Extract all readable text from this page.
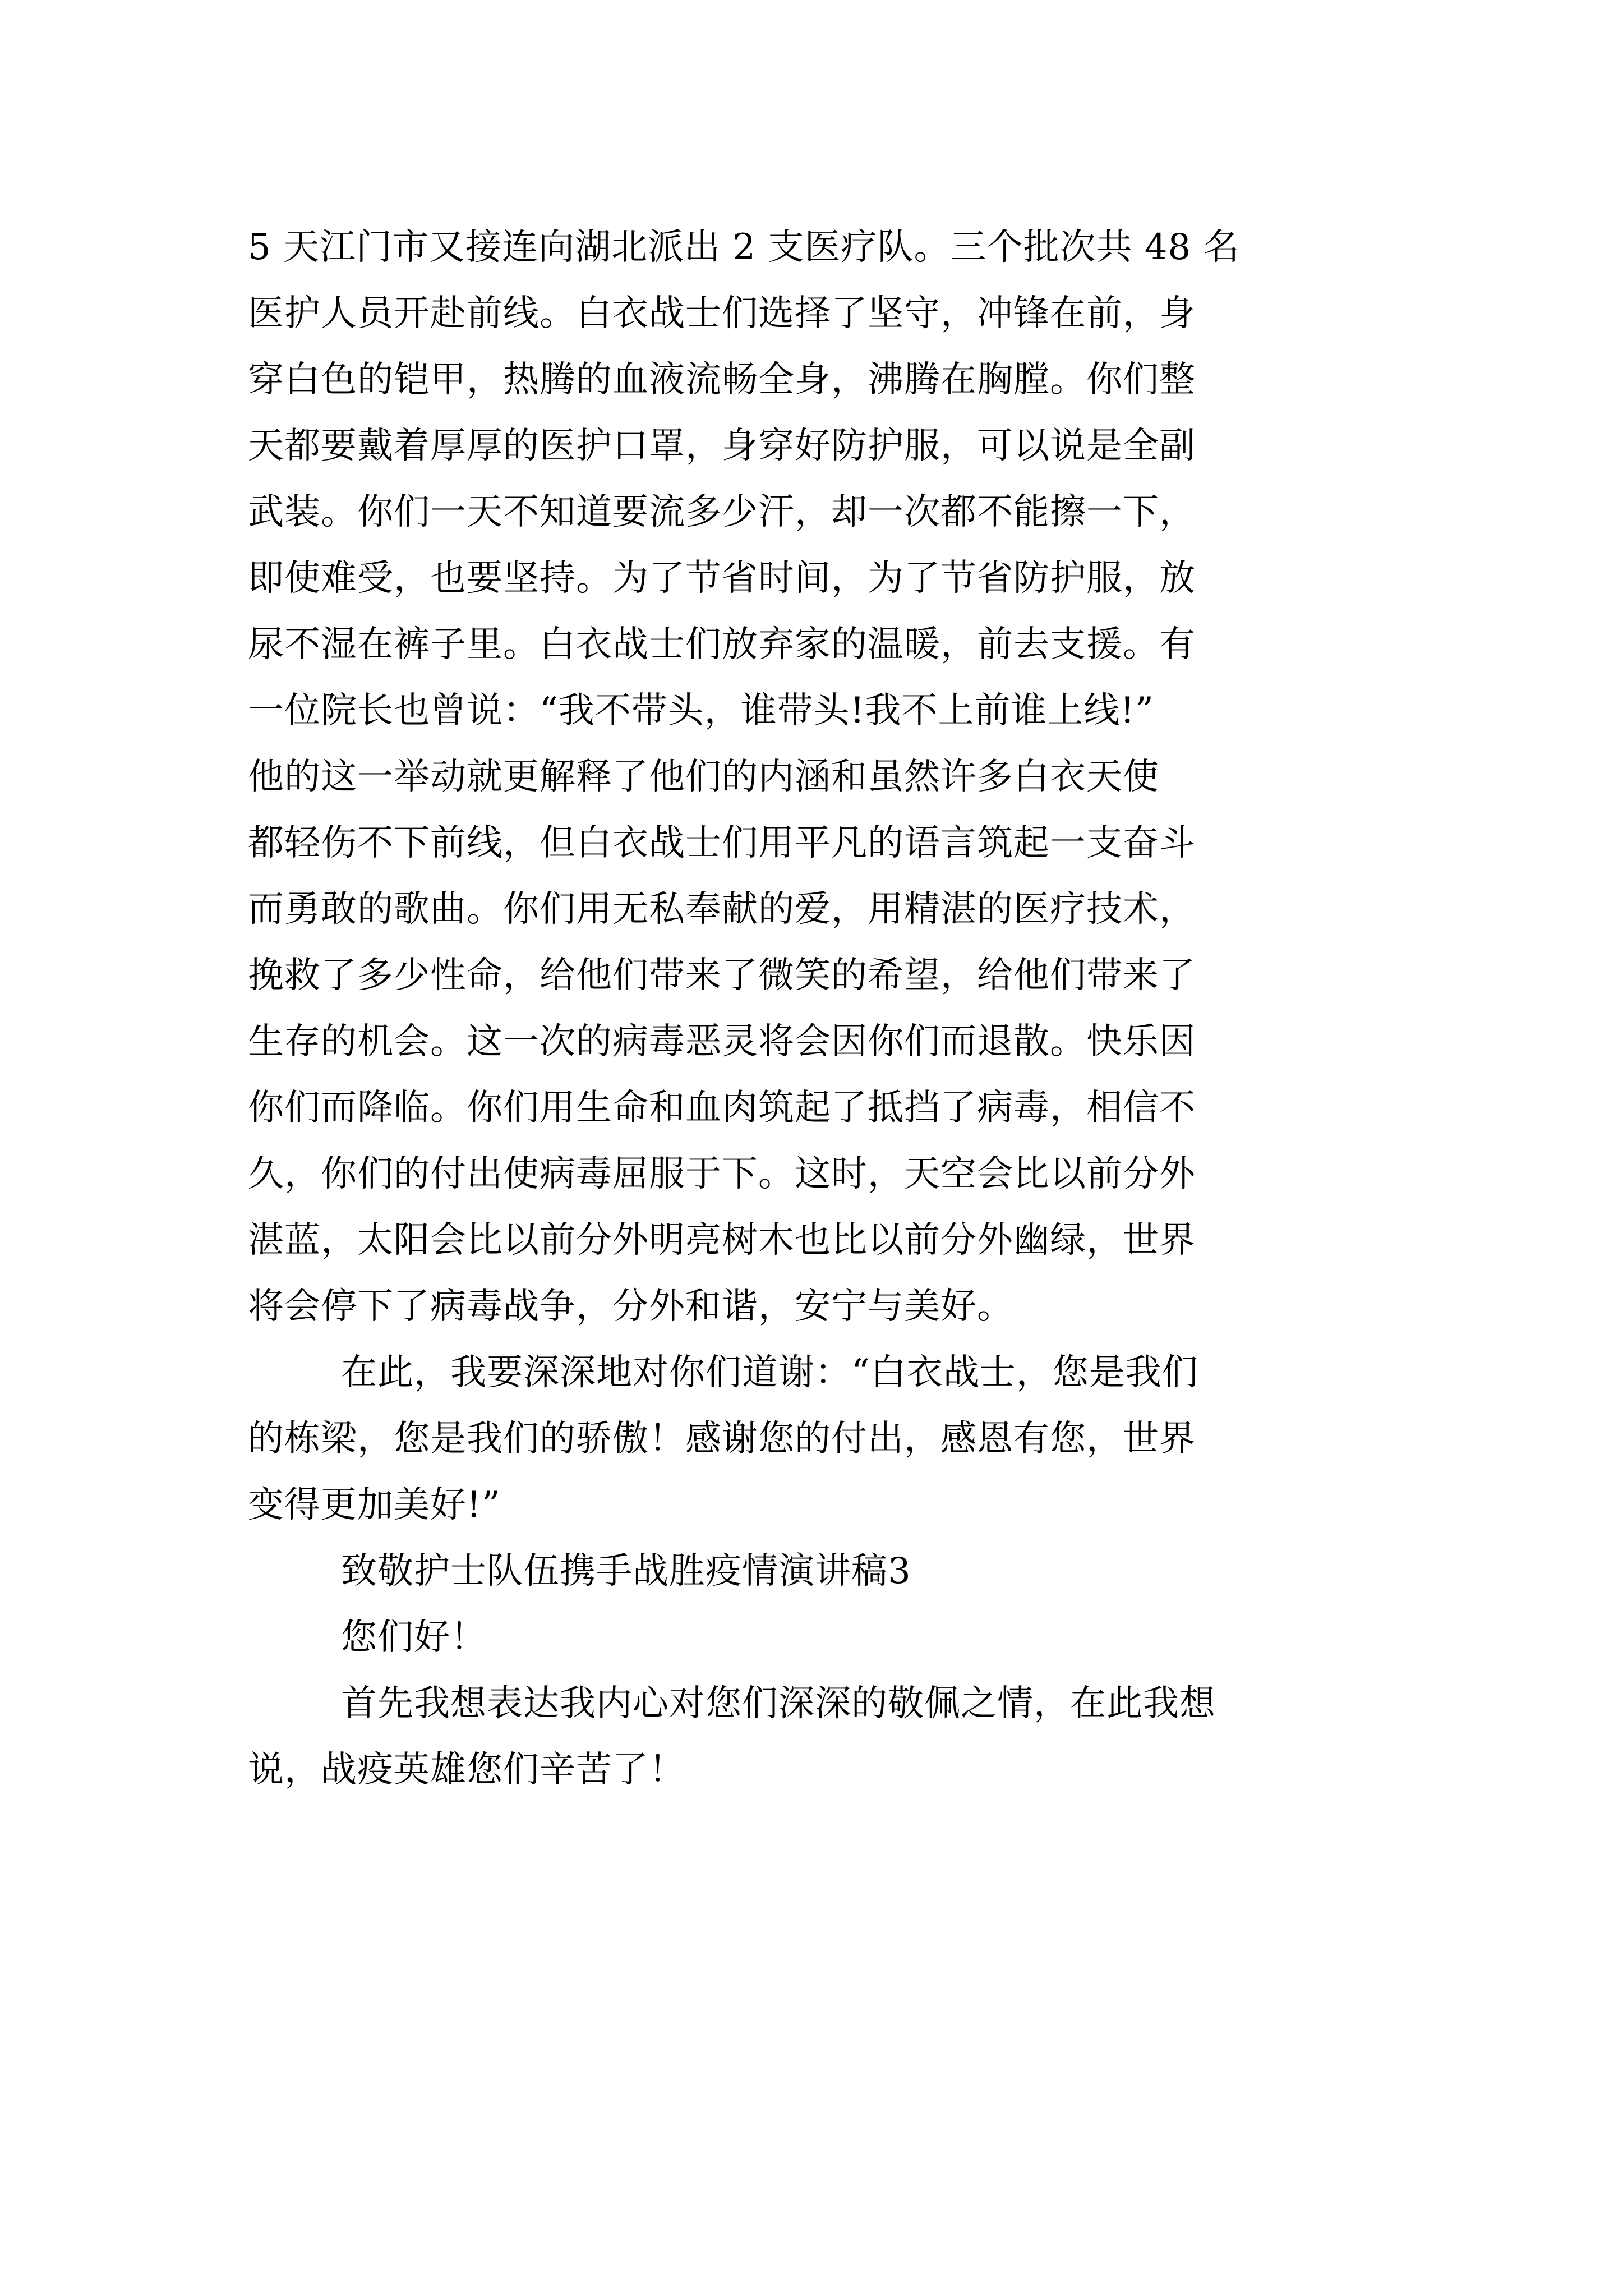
5 天江门市又接连向湖北派出 2 支医疗队。三个批次共 48 名
医护人员开赴前线。白衣战士们选择了坚守，冲锋在前，身
穿白色的铠甲，热腾的血液流畅全身，沸腾在胸膛。你们整
天都要戴着厚厚的医护口罩，身穿好防护服，可以说是全副
武装。你们一天不知道要流多少汗，却一次都不能擦一下，
即使难受，也要坚持。为了节省时间，为了节省防护服，放
尿不湿在裤子里。白衣战士们放弃家的温暖，前去支援。有
一位院长也曾说：“我不带头，谁带头!我不上前谁上线!”
他的这一举动就更解释了他们的内涵和虽然许多白衣天使
都轻伤不下前线，但白衣战士们用平凡的语言筑起一支奋斗
而勇敢的歌曲。你们用无私奉献的爱，用精湛的医疗技术，
挽救了多少性命，给他们带来了微笑的希望，给他们带来了
生存的机会。这一次的病毒恶灵将会因你们而退散。快乐因
你们而降临。你们用生命和血肉筑起了抵挡了病毒，相信不
久，你们的付出使病毒屈服于下。这时，天空会比以前分外
湛蓝，太阳会比以前分外明亮树木也比以前分外幽绿，世界
将会停下了病毒战争，分外和谐，安宁与美好。
在此，我要深深地对你们道谢：“白衣战士，您是我们
的栋梁，您是我们的骄傲！感谢您的付出，感恩有您，世界
变得更加美好!”
致敬护士队伍携手战胜疫情演讲稿3
您们好！
首先我想表达我内心对您们深深的敬佩之情，在此我想
说，战疫英雄您们辛苦了！
